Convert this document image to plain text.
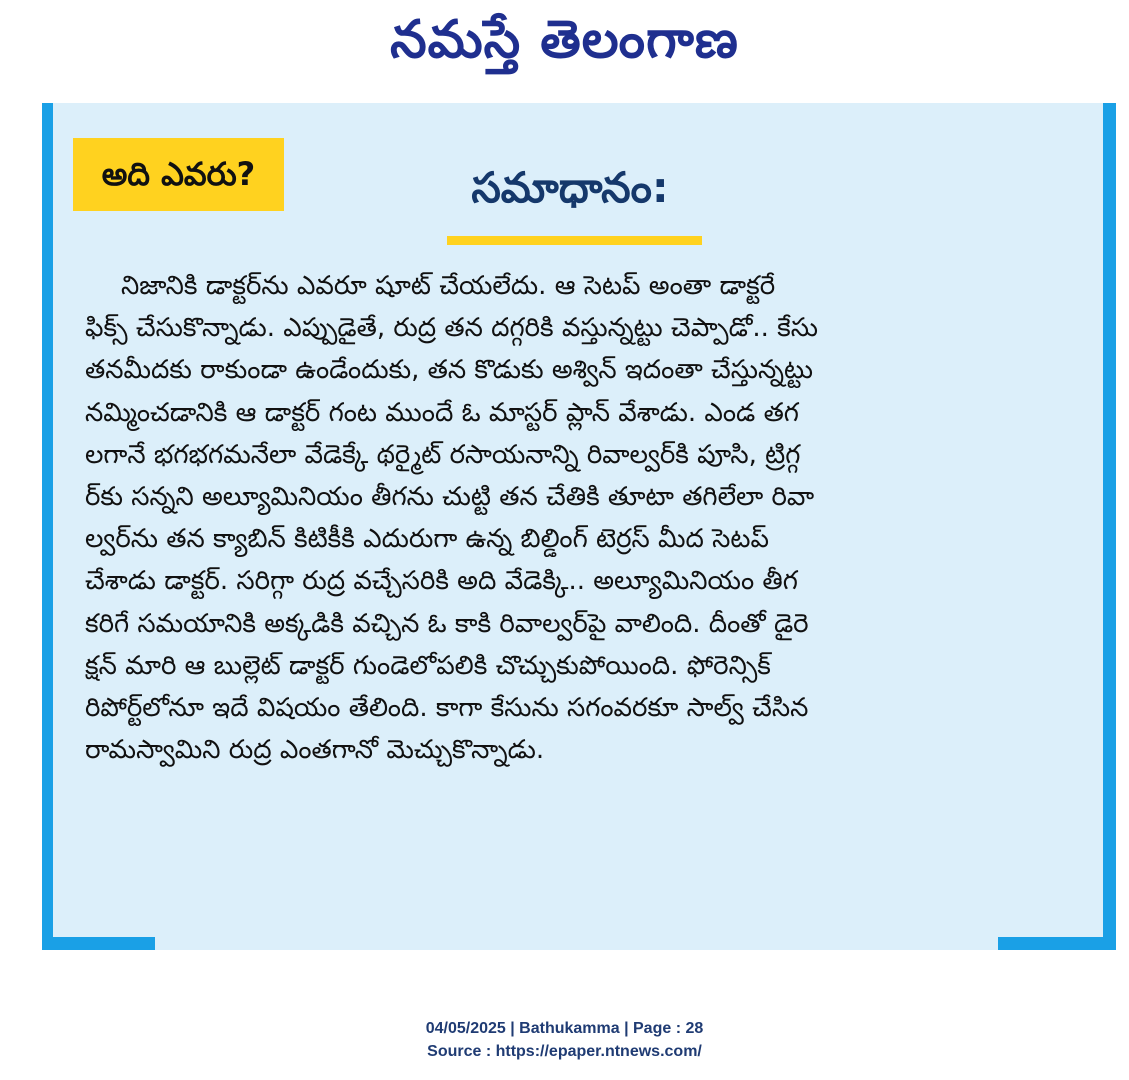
నమస్తే తెలంగాణ
అది ఎవరు?	సమాధానం:
నిజానికి డాక్టర్‌ను ఎవరూ షూట్ చేయలేదు. ఆ సెటప్ అంతా డాక్టరే
ఫిక్స్ చేసుకొన్నాడు. ఎప్పుడైతే, రుద్ర తన దగ్గరికి వస్తున్నట్టు చెప్పాడో.. కేసు
తనమీదకు రాకుండా ఉండేందుకు, తన కొడుకు అశ్విన్ ఇదంతా చేస్తున్నట్టు
నమ్మించడానికి ఆ డాక్టర్ గంట ముందే ఓ మాస్టర్ ప్లాన్ వేశాడు. ఎండ తగ
లగానే భగభగమనేలా వేడెక్కే థర్మైట్ రసాయనాన్ని రివాల్వర్‌కి పూసి, ట్రిగ్గ
ర్‌కు సన్నని అల్యూమినియం తీగను చుట్టి తన చేతికి తూటా తగిలేలా రివా
ల్వర్‌ను తన క్యాబిన్ కిటికీకి ఎదురుగా ఉన్న బిల్డింగ్ టెర్రస్ మీద సెటప్
చేశాడు డాక్టర్. సరిగ్గా రుద్ర వచ్చేసరికి అది వేడెక్కి.. అల్యూమినియం తీగ
కరిగే సమయానికి అక్కడికి వచ్చిన ఓ కాకి రివాల్వర్‌పై వాలింది. దీంతో డైరె
క్షన్ మారి ఆ బుల్లెట్ డాక్టర్ గుండెలోపలికి చొచ్చుకుపోయింది. ఫోరెన్సిక్
రిపోర్ట్‌లోనూ ఇదే విషయం తేలింది. కాగా కేసును సగంవరకూ సాల్వ్ చేసిన
రామస్వామిని రుద్ర ఎంతగానో మెచ్చుకొన్నాడు.
04/05/2025 | Bathukamma | Page : 28
Source : https://epaper.ntnews.com/
